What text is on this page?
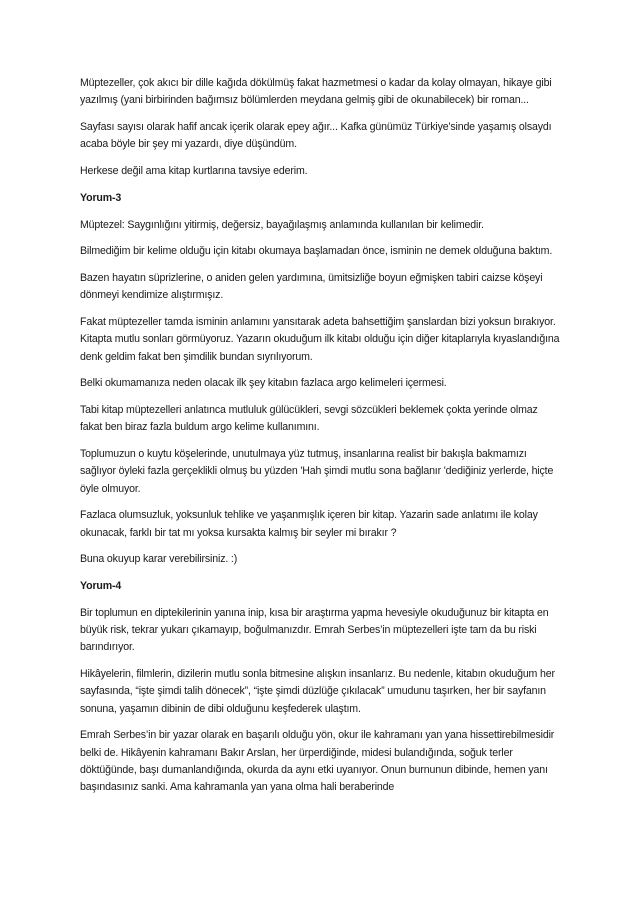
Müptezeller, çok akıcı bir dille kağıda dökülmüş fakat hazmetmesi o kadar da kolay olmayan, hikaye gibi yazılmış (yani birbirinden bağımsız bölümlerden meydana gelmiş gibi de okunabilecek) bir roman...

Sayfası sayısı olarak hafif ancak içerik olarak epey ağır... Kafka günümüz Türkiye'sinde yaşamış olsaydı acaba böyle bir şey mi yazardı, diye düşündüm.

Herkese değil ama kitap kurtlarına tavsiye ederim.

Yorum-3

Müptezel: Saygınlığını yitirmiş, değersiz, bayağılaşmış anlamında kullanılan bir kelimedir.

Bilmediğim bir kelime olduğu için kitabı okumaya başlamadan önce, isminin ne demek olduğuna baktım.

Bazen hayatın süprizlerine, o aniden gelen yardımına, ümitsizliğe boyun eğmişken tabiri caizse köşeyi dönmeyi kendimize alıştırmışız.

Fakat müptezeller tamda isminin anlamını yansıtarak adeta bahsettiğim şanslardan bizi yoksun bırakıyor. Kitapta mutlu sonları görmüyoruz. Yazarın okuduğum ilk kitabı olduğu için diğer kitaplarıyla kıyaslandığına denk geldim fakat ben şimdilik bundan sıyrılıyorum.

Belki okumamanıza neden olacak ilk şey kitabın fazlaca argo kelimeleri içermesi.

Tabi kitap müptezelleri anlatınca mutluluk gülücükleri, sevgi sözcükleri beklemek çokta yerinde olmaz fakat ben biraz fazla buldum argo kelime kullanımını.

Toplumuzun o kuytu köşelerinde, unutulmaya yüz tutmuş, insanlarına realist bir bakışla bakmamızı sağlıyor öyleki fazla gerçeklikli olmuş bu yüzden 'Hah şimdi mutlu sona bağlanır 'dediğiniz yerlerde, hiçte öyle olmuyor.

Fazlaca olumsuzluk, yoksunluk tehlike ve yaşanmışlık içeren bir kitap. Yazarin sade anlatımı ile kolay okunacak, farklı bir tat mı yoksa kursakta kalmış bir seyler mi bırakır ?

Buna okuyup karar verebilirsiniz. :)

Yorum-4

Bir toplumun en diptekilerinin yanına inip, kısa bir araştırma yapma hevesiyle okuduğunuz bir kitapta en büyük risk, tekrar yukarı çıkamayıp, boğulmanızdır. Emrah Serbes’in müptezelleri işte tam da bu riski barındırıyor.

Hikâyelerin, filmlerin, dizilerin mutlu sonla bitmesine alışkın insanlarız. Bu nedenle, kitabın okuduğum her sayfasında, “işte şimdi talih dönecek”, “işte şimdi düzlüğe çıkılacak” umudunu taşırken, her bir sayfanın sonuna, yaşamın dibinin de dibi olduğunu keşfederek ulaştım.

Emrah Serbes’in bir yazar olarak en başarılı olduğu yön, okur ile kahramanı yan yana hissettirebilmesidir belki de. Hikâyenin kahramanı Bakır Arslan, her ürperdiğinde, midesi bulandığında, soğuk terler döktüğünde, başı dumanlandığında, okurda da aynı etki uyanıyor. Onun burnunun dibinde, hemen yanı başındasınız sanki. Ama kahramanla yan yana olma hali beraberinde
